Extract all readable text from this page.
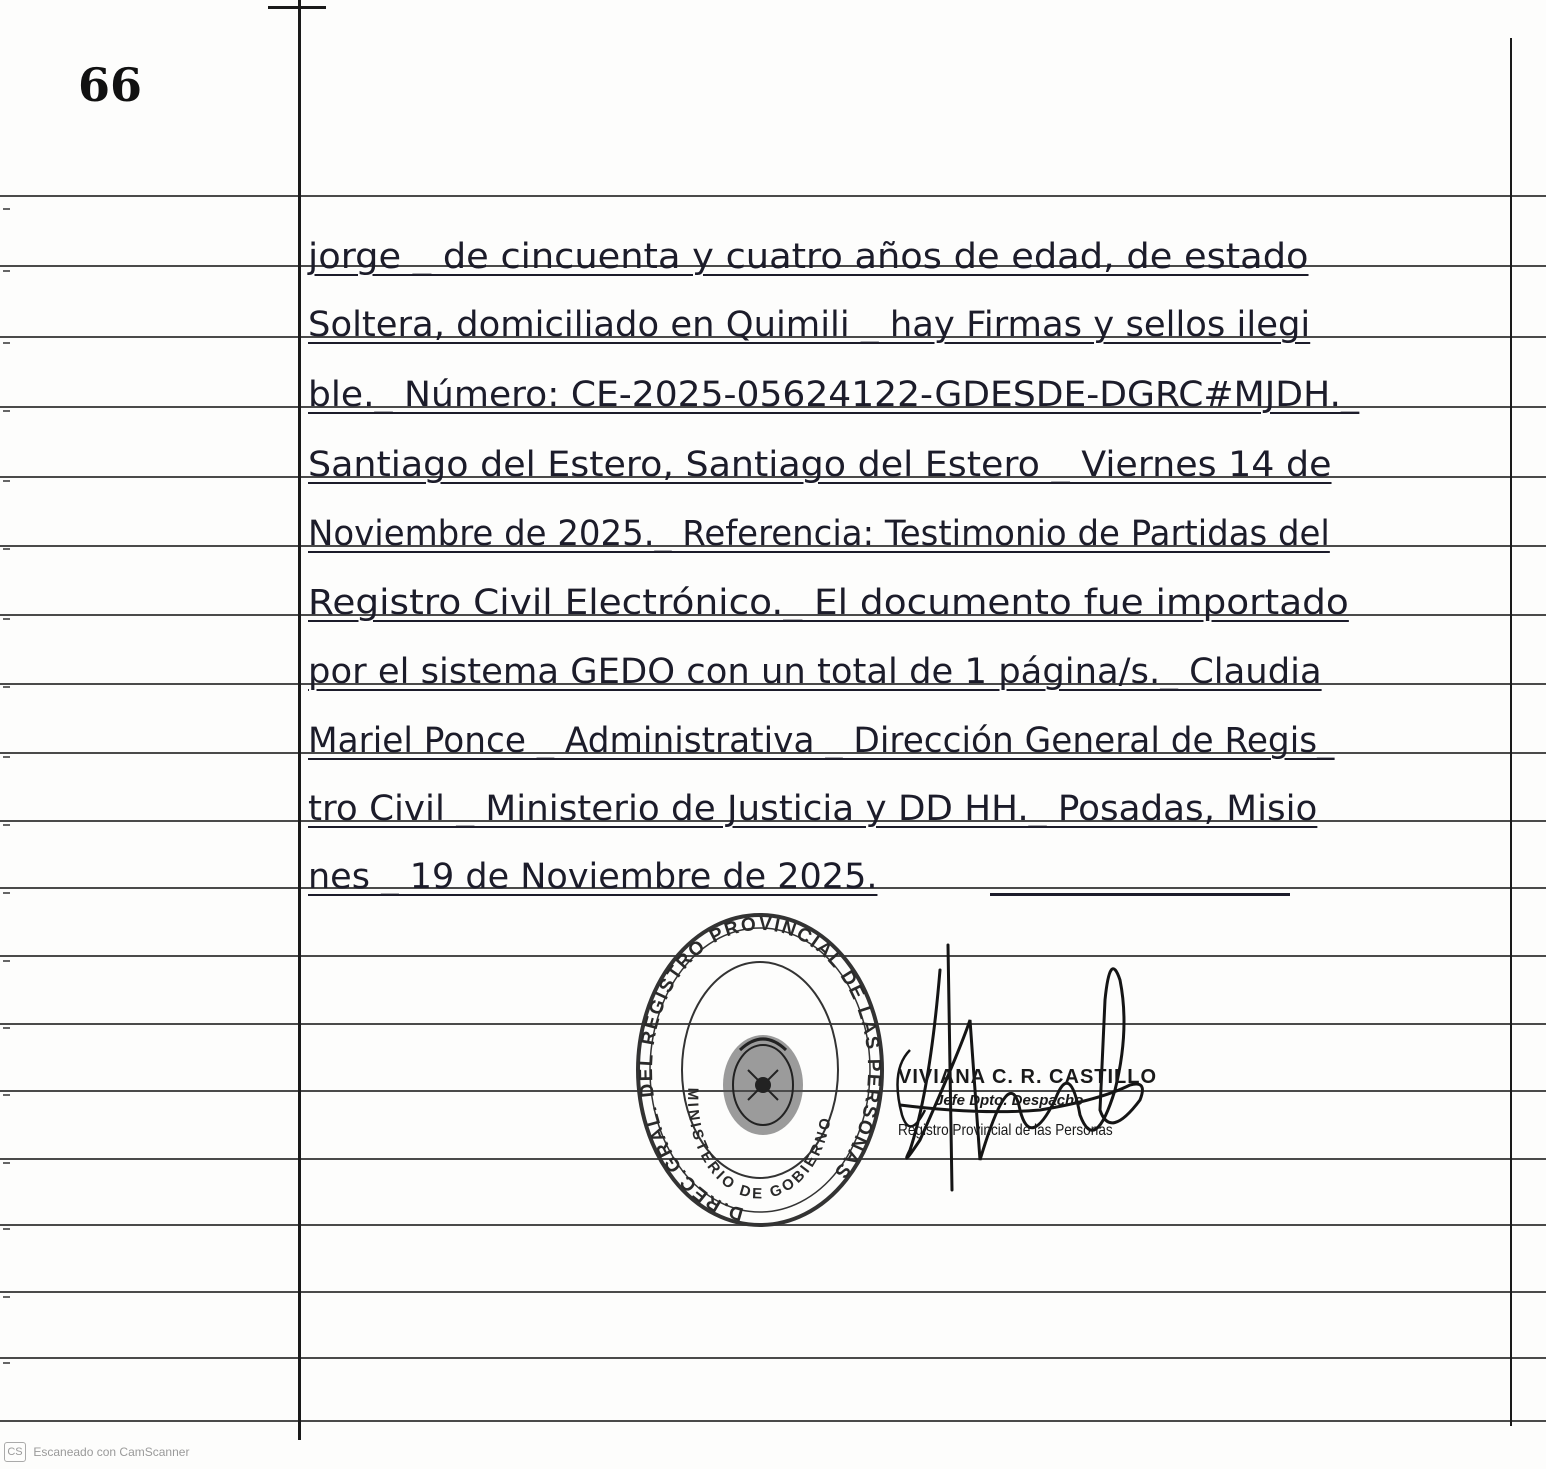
66
jorge _ de cincuenta y cuatro años de edad, de estado
Soltera, domiciliado en Quimili _ hay Firmas y sellos ilegi
ble._ Número: CE-2025-05624122-GDESDE-DGRC#MJDH._
Santiago del Estero, Santiago del Estero _ Viernes 14 de
Noviembre de 2025._ Referencia: Testimonio de Partidas del
Registro Civil Electrónico._ El documento fue importado
por el sistema GEDO con un total de 1 página/s._ Claudia
Mariel Ponce _ Administrativa _ Dirección General de Regis_
tro Civil _ Ministerio de Justicia y DD HH._ Posadas, Misio
nes _ 19 de Noviembre de 2025.
D.REC.GRAL. DEL REGISTRO PROVINCIAL DE LAS PERSONAS
MINISTERIO DE GOBIERNO
VIVIANA C. R. CASTILLO
Jefe Dpto. Despacho
Registro Provincial de las Personas
CS Escaneado con CamScanner
